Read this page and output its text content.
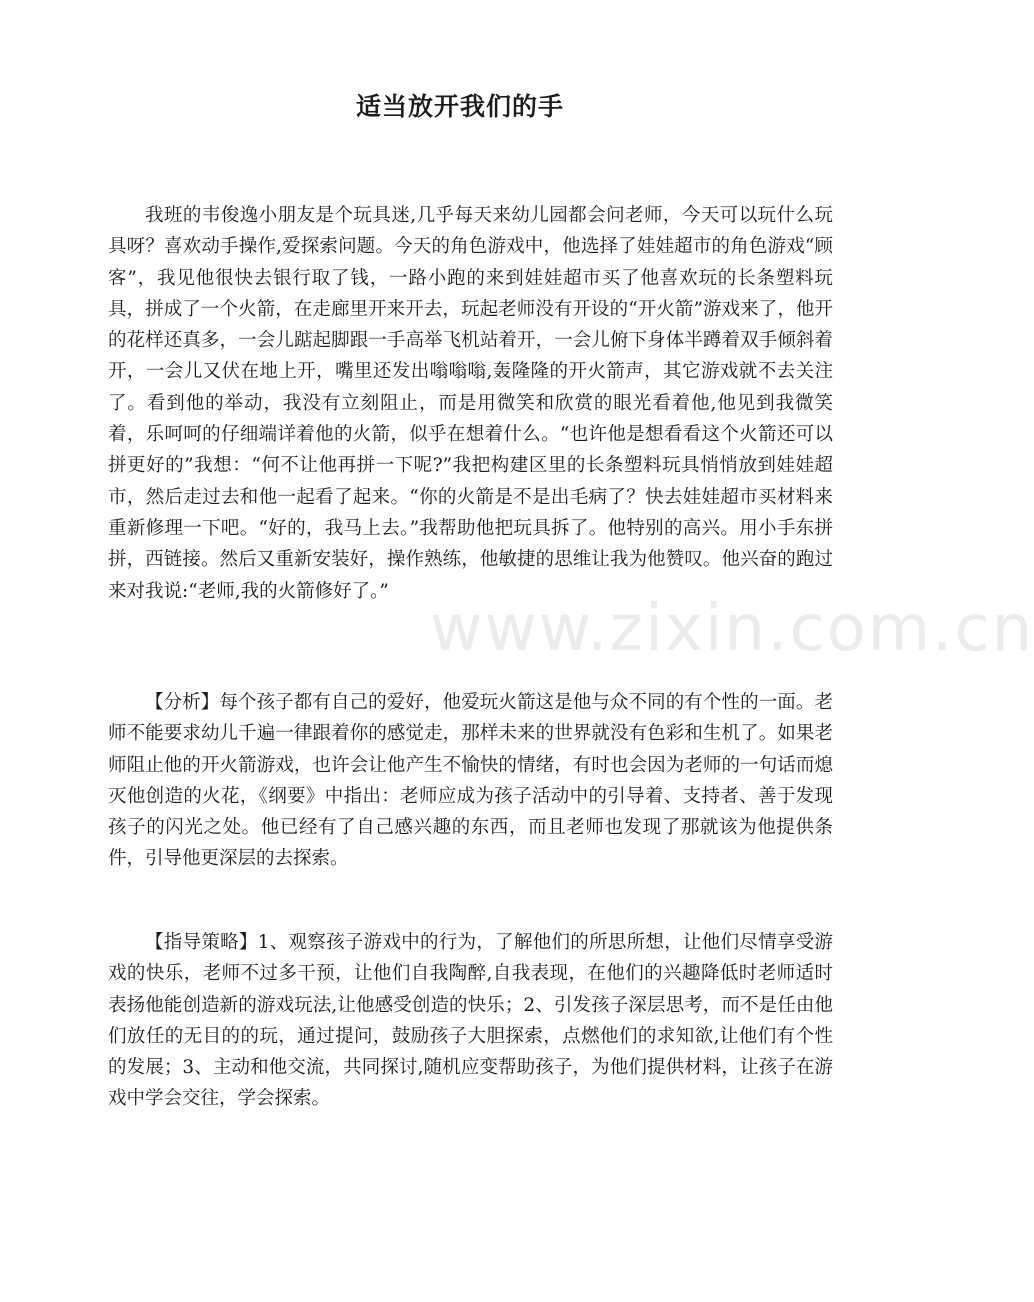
适当放开我们的手

我班的韦俊逸小朋友是个玩具迷,几乎每天来幼儿园都会问老师，今天可以玩什么玩具呀？喜欢动手操作,爱探索问题。今天的角色游戏中，他选择了娃娃超市的角色游戏“顾客”，我见他很快去银行取了钱，一路小跑的来到娃娃超市买了他喜欢玩的长条塑料玩具，拼成了一个火箭，在走廊里开来开去，玩起老师没有开设的“开火箭”游戏来了，他开的花样还真多，一会儿踮起脚跟一手高举飞机站着开，一会儿俯下身体半蹲着双手倾斜着开，一会儿又伏在地上开，嘴里还发出嗡嗡嗡,轰隆隆的开火箭声，其它游戏就不去关注了。看到他的举动，我没有立刻阻止，而是用微笑和欣赏的眼光看着他,他见到我微笑着，乐呵呵的仔细端详着他的火箭，似乎在想着什么。“也许他是想看看这个火箭还可以拼更好的”我想：“何不让他再拼一下呢?”我把构建区里的长条塑料玩具悄悄放到娃娃超市，然后走过去和他一起看了起来。“你的火箭是不是出毛病了？快去娃娃超市买材料来重新修理一下吧。“好的，我马上去。”我帮助他把玩具拆了。他特别的高兴。用小手东拼拼，西链接。然后又重新安装好，操作熟练，他敏捷的思维让我为他赞叹。他兴奋的跑过来对我说:“老师,我的火箭修好了。”

【分析】每个孩子都有自己的爱好，他爱玩火箭这是他与众不同的有个性的一面。老师不能要求幼儿千遍一律跟着你的感觉走，那样未来的世界就没有色彩和生机了。如果老师阻止他的开火箭游戏，也许会让他产生不愉快的情绪，有时也会因为老师的一句话而熄灭他创造的火花，《纲要》中指出：老师应成为孩子活动中的引导着、支持者、善于发现孩子的闪光之处。他已经有了自己感兴趣的东西，而且老师也发现了那就该为他提供条件，引导他更深层的去探索。

【指导策略】1、观察孩子游戏中的行为，了解他们的所思所想，让他们尽情享受游戏的快乐，老师不过多干预，让他们自我陶醉,自我表现，在他们的兴趣降低时老师适时表扬他能创造新的游戏玩法,让他感受创造的快乐；2、引发孩子深层思考，而不是任由他们放任的无目的的玩，通过提问，鼓励孩子大胆探索，点燃他们的求知欲,让他们有个性的发展；3、主动和他交流，共同探讨,随机应变帮助孩子，为他们提供材料，让孩子在游戏中学会交往，学会探索。

www.zixin.com.cn
